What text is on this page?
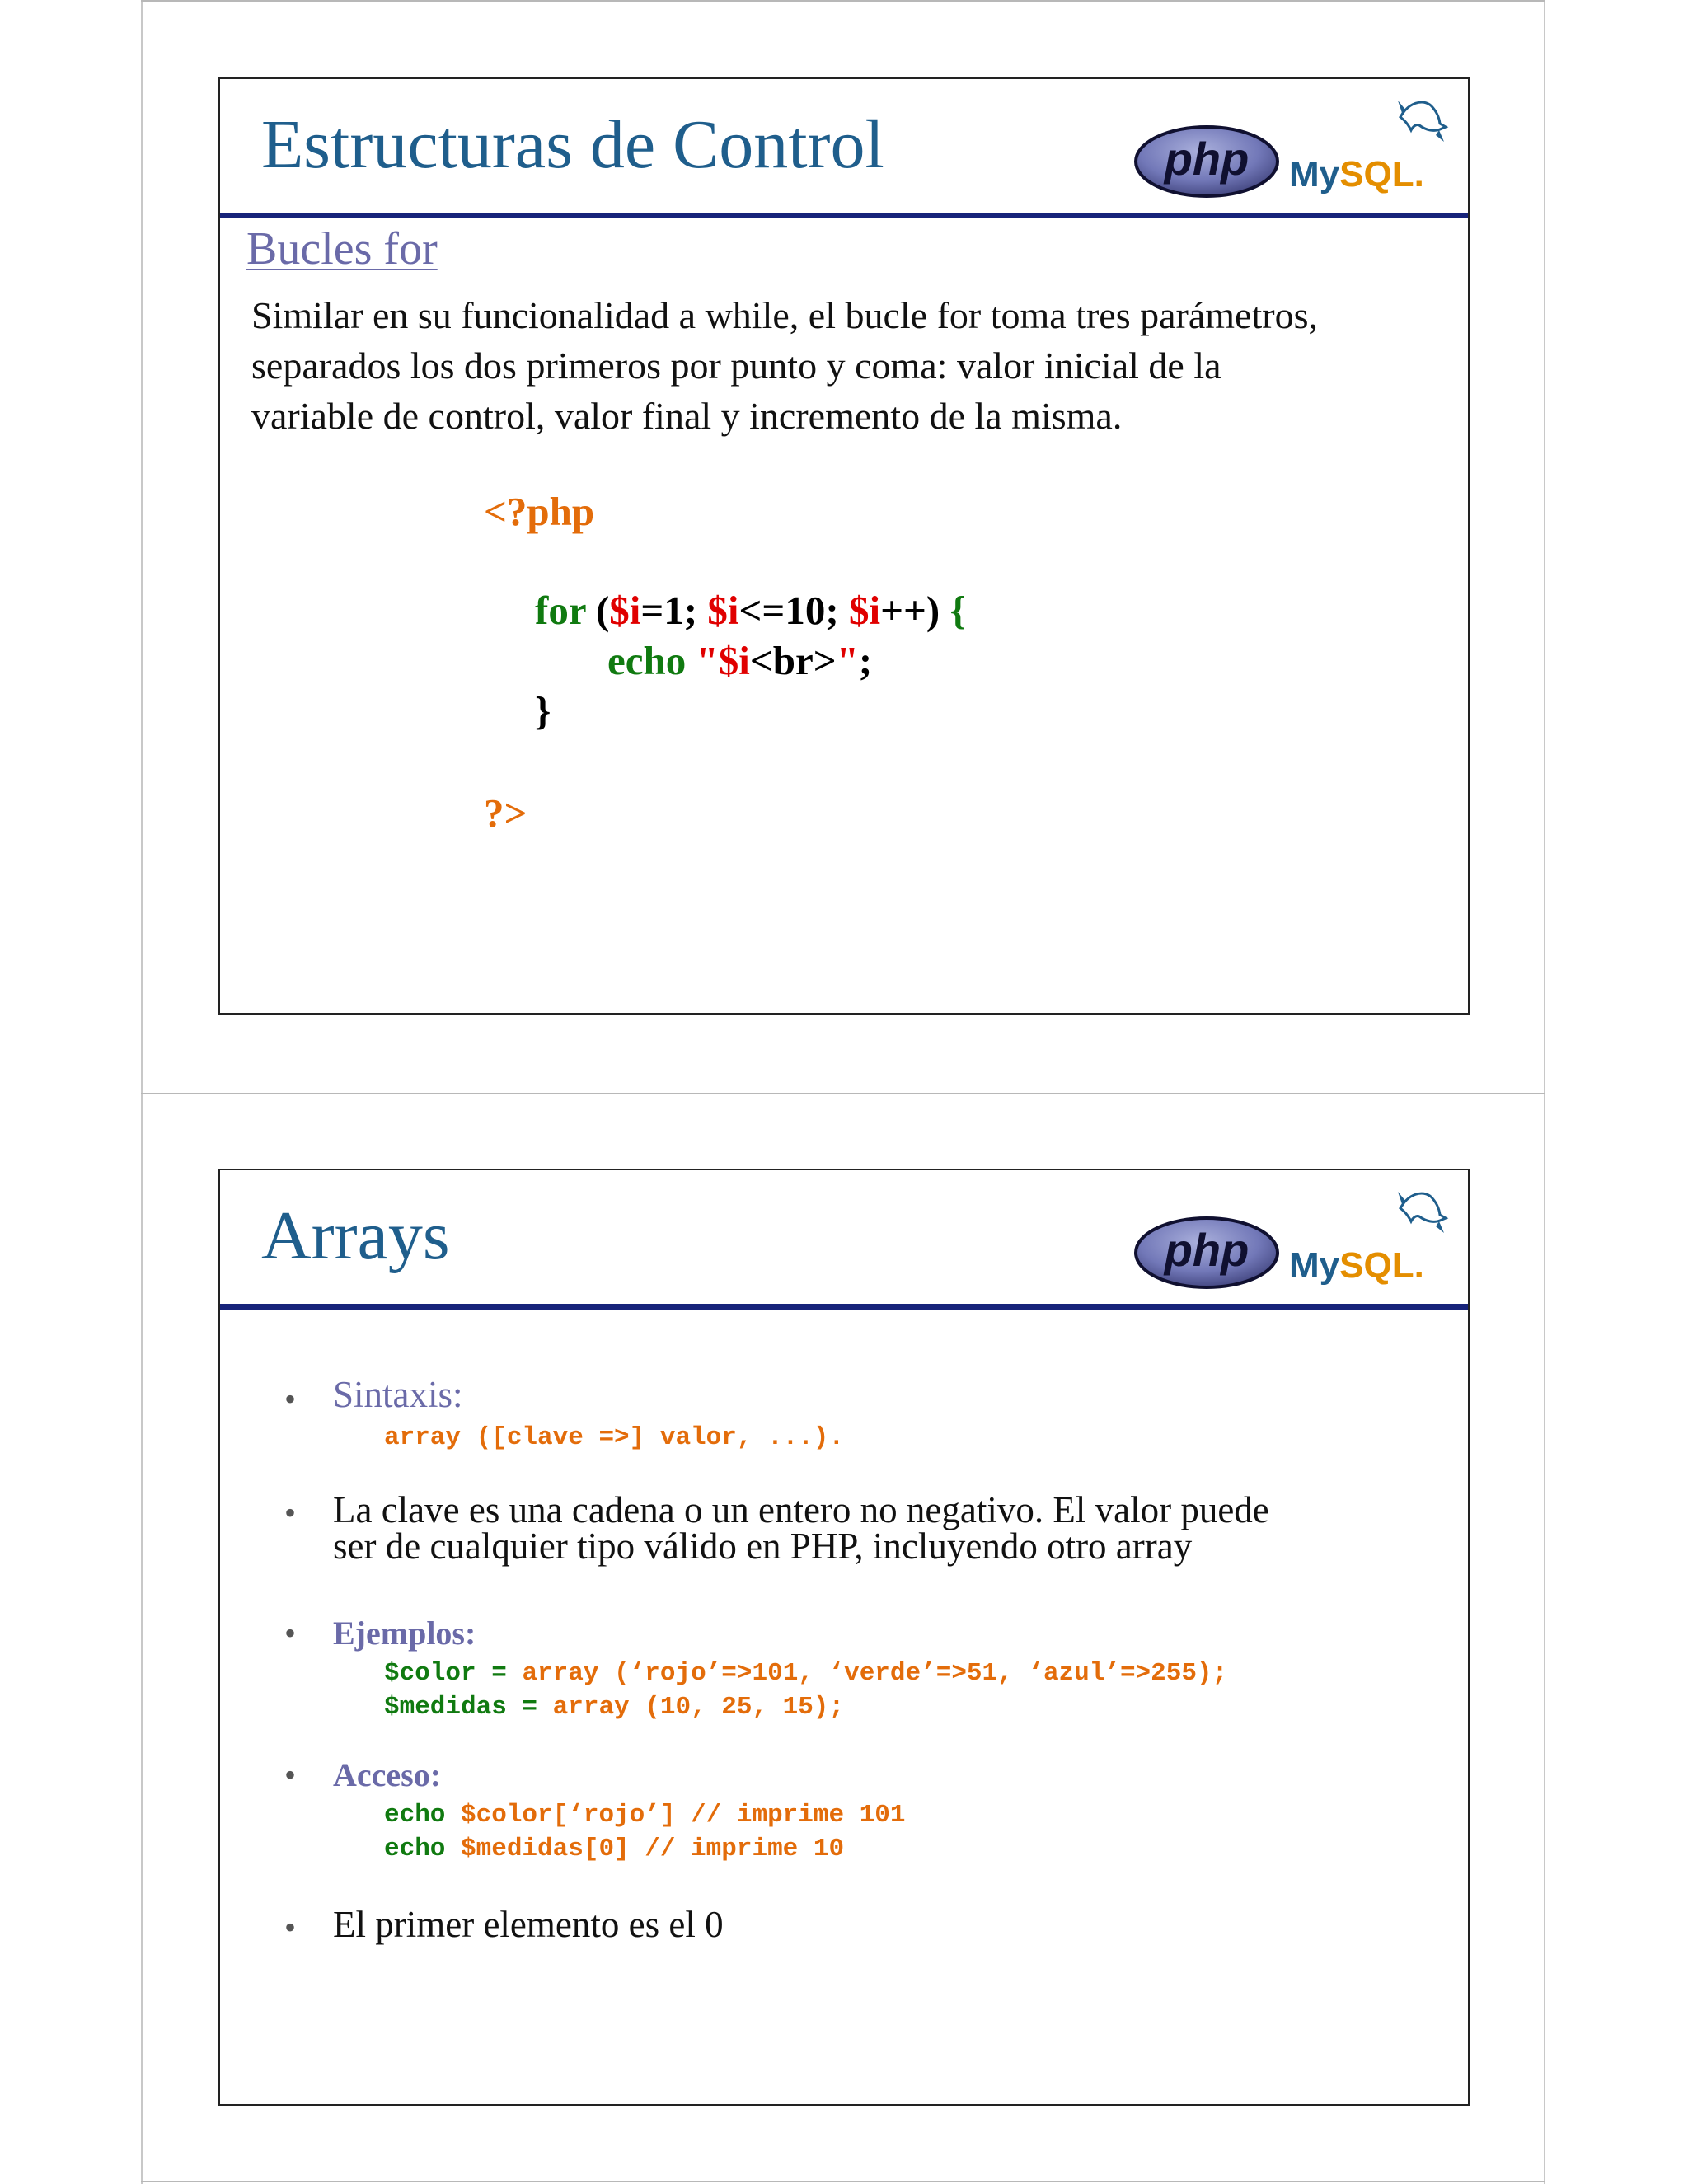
Estructuras de Control	php MySQL.
Bucles for
Similar en su funcionalidad a while, el bucle for toma tres parámetros,
separados los dos primeros por punto y coma: valor inicial de la
variable de control, valor final y incremento de la misma.
<?php
for ($i=1; $i<=10; $i++) {
echo "$i<br>";
}
?>
Arrays	php MySQL.
• Sintaxis:
array ([clave =>] valor, ...).
• La clave es una cadena o un entero no negativo. El valor puede
ser de cualquier tipo válido en PHP, incluyendo otro array
• Ejemplos:
$color = array (‘rojo’=>101, ‘verde’=>51, ‘azul’=>255);
$medidas = array (10, 25, 15);
• Acceso:
echo $color[‘rojo’] // imprime 101
echo $medidas[0] // imprime 10
• El primer elemento es el 0
